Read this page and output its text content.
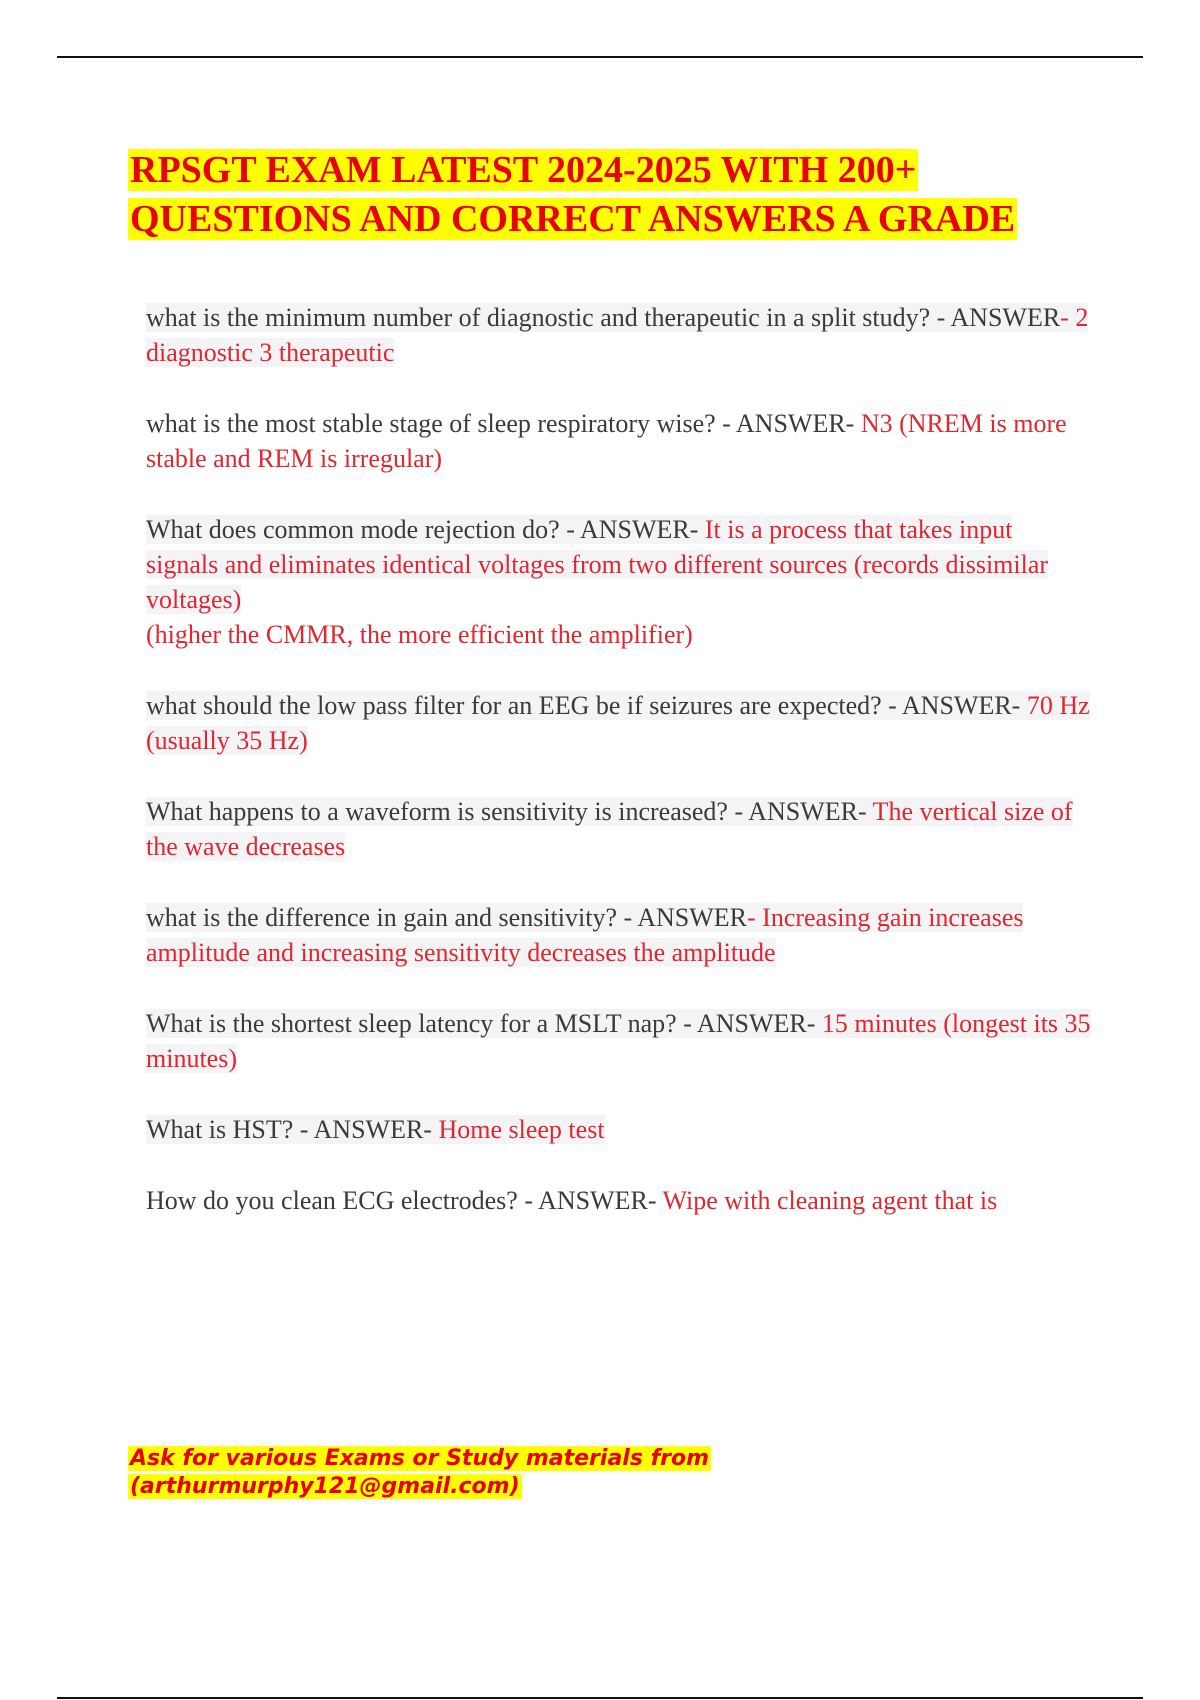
RPSGT EXAM LATEST 2024-2025 WITH 200+
QUESTIONS AND CORRECT ANSWERS A GRADE
what is the minimum number of diagnostic and therapeutic in a split study? - ANSWER- 2 diagnostic 3 therapeutic
what is the most stable stage of sleep respiratory wise? - ANSWER- N3 (NREM is more stable and REM is irregular)
What does common mode rejection do? - ANSWER- It is a process that takes input signals and eliminates identical voltages from two different sources (records dissimilar voltages)
(higher the CMMR, the more efficient the amplifier)
what should the low pass filter for an EEG be if seizures are expected? - ANSWER- 70 Hz (usually 35 Hz)
What happens to a waveform is sensitivity is increased? - ANSWER- The vertical size of the wave decreases
what is the difference in gain and sensitivity? - ANSWER- Increasing gain increases amplitude and increasing sensitivity decreases the amplitude
What is the shortest sleep latency for a MSLT nap? - ANSWER- 15 minutes (longest its 35 minutes)
What is HST? - ANSWER- Home sleep test
How do you clean ECG electrodes? - ANSWER- Wipe with cleaning agent that is

Ask for various Exams or Study materials from
(arthurmurphy121@gmail.com)
